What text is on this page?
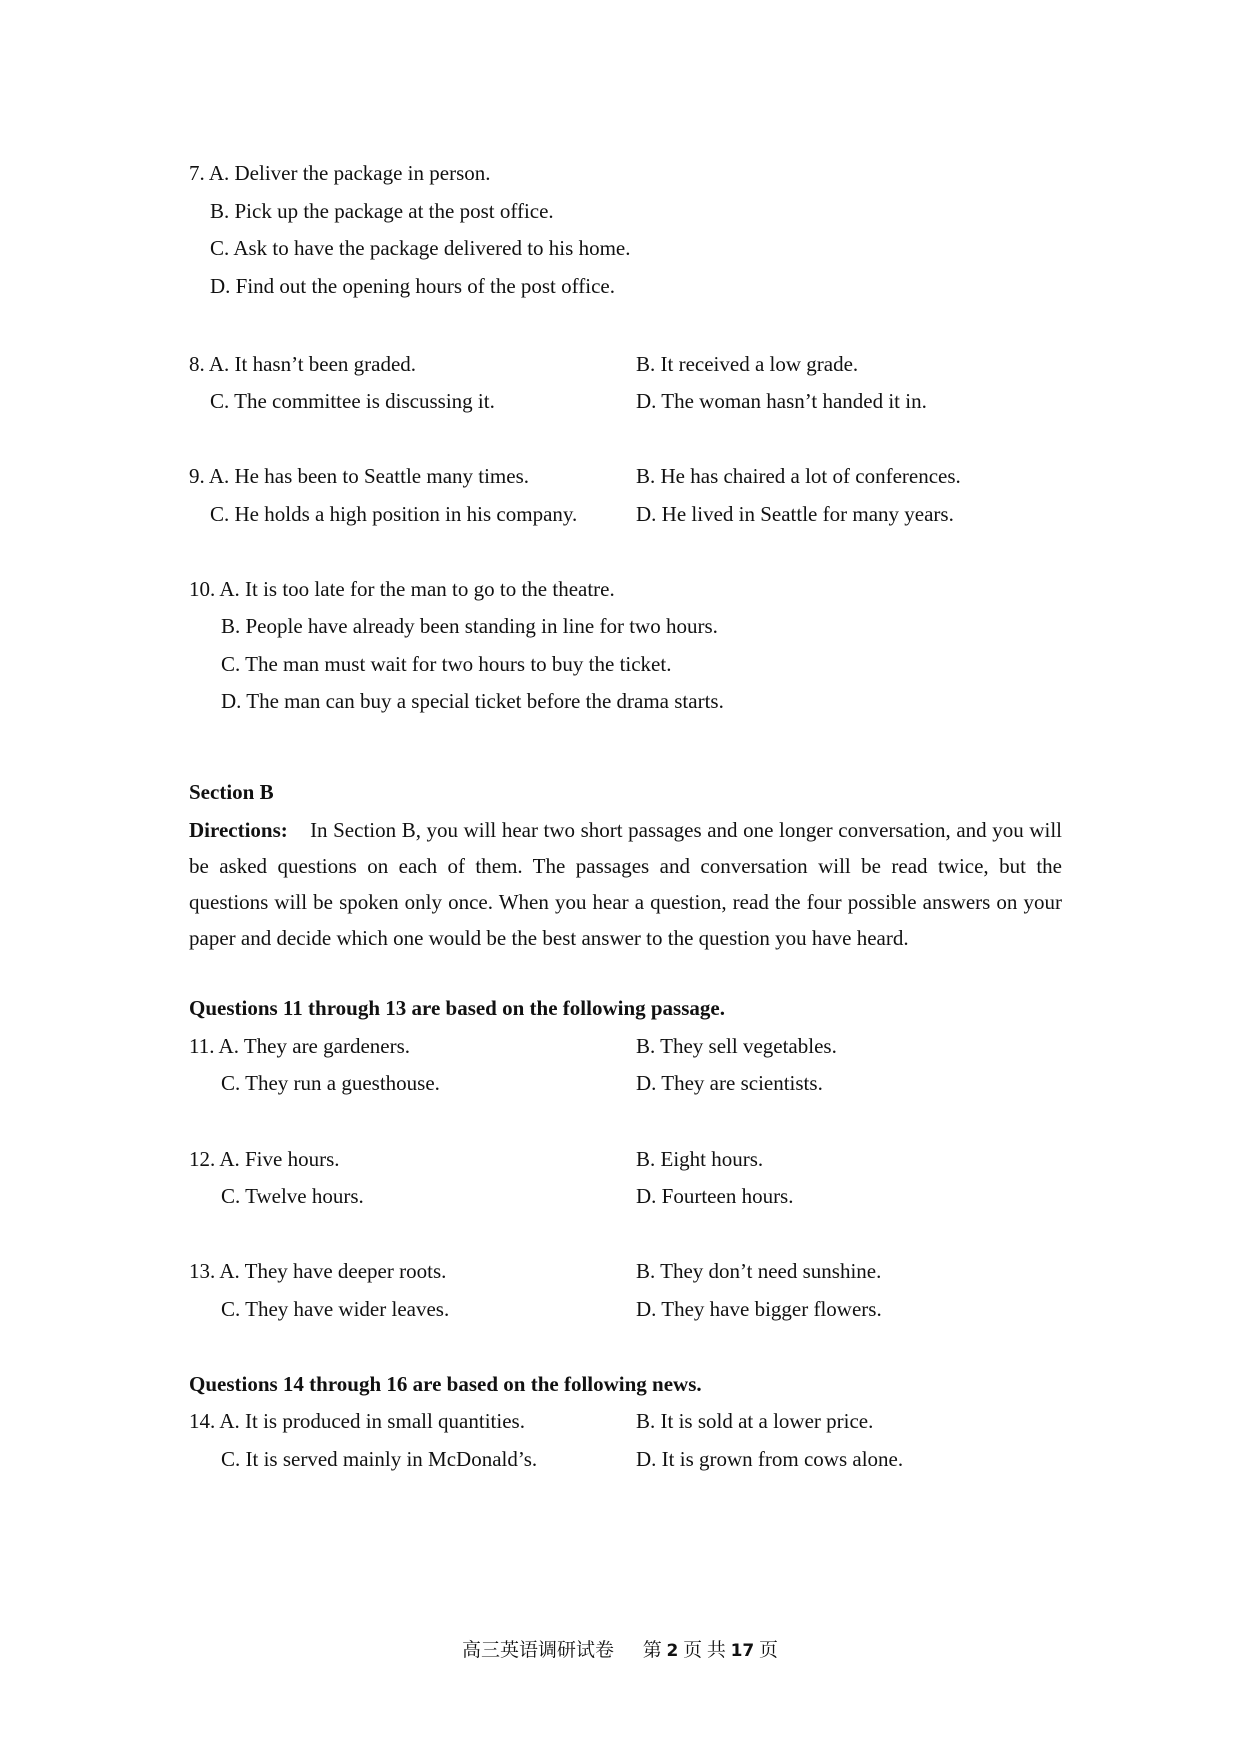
7. A. Deliver the package in person.
B. Pick up the package at the post office.
C. Ask to have the package delivered to his home.
D. Find out the opening hours of the post office.
8. A. It hasn’t been graded.	B. It received a low grade.
C. The committee is discussing it.	D. The woman hasn’t handed it in.
9. A. He has been to Seattle many times.	B. He has chaired a lot of conferences.
C. He holds a high position in his company.	D. He lived in Seattle for many years.
10. A. It is too late for the man to go to the theatre.
B. People have already been standing in line for two hours.
C. The man must wait for two hours to buy the ticket.
D. The man can buy a special ticket before the drama starts.
Section B
Directions: In Section B, you will hear two short passages and one longer conversation, and you will be asked questions on each of them. The passages and conversation will be read twice, but the questions will be spoken only once. When you hear a question, read the four possible answers on your paper and decide which one would be the best answer to the question you have heard.
Questions 11 through 13 are based on the following passage.
11. A. They are gardeners.	B. They sell vegetables.
C. They run a guesthouse.	D. They are scientists.
12. A. Five hours.	B. Eight hours.
C. Twelve hours.	D. Fourteen hours.
13. A. They have deeper roots.	B. They don’t need sunshine.
C. They have wider leaves.	D. They have bigger flowers.
Questions 14 through 16 are based on the following news.
14. A. It is produced in small quantities.	B. It is sold at a lower price.
C. It is served mainly in McDonald’s.	D. It is grown from cows alone.
高三英语调研试卷 第 2 页 共 17 页
